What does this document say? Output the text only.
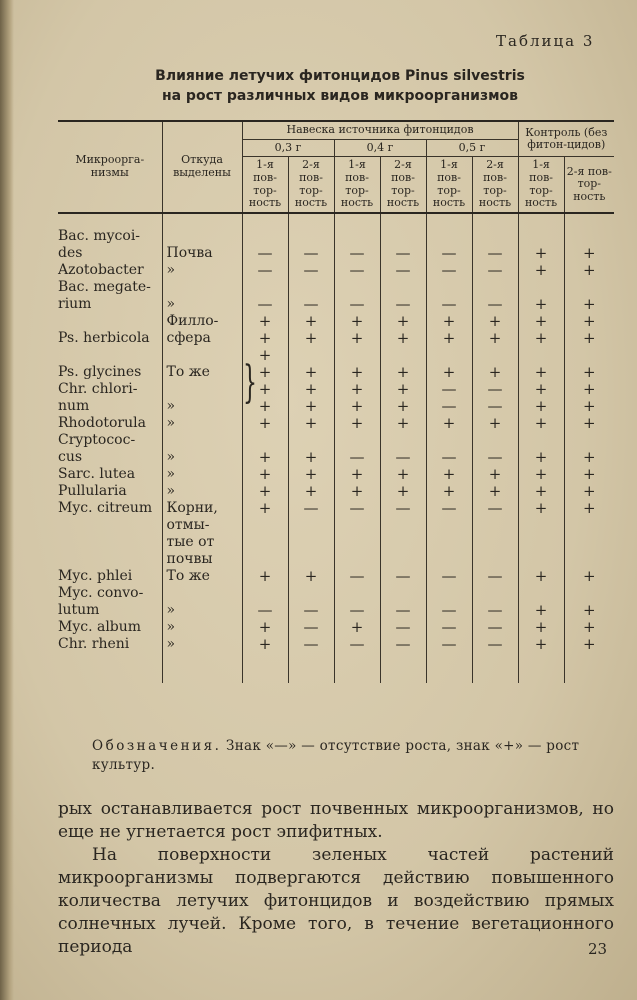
Таблица 3
Влияние летучих фитонцидов Pinus silvestris
на рост различных видов микроорганизмов
Микроорга-низмы	Откуда выделены	Навеска источника фитонцидов						Контроль (без фитон-цидов)	
		0,3 г		0,4 г		0,5 г			
		1-я пов-тор-ность	2-я пов-тор-ность	1-я пов-тор-ность	2-я пов-тор-ность	1-я пов-тор-ность	2-я пов-тор-ность	1-я пов-тор-ность	2-я пов-тор-ность

Bac. mycoi-									
des	Почва	—	—	—	—	—	—	+	+
Azotobacter	»	—	—	—	—	—	—	+	+
Bac. megate-									
rium	»	—	—	—	—	—	—	+	+
	Филло-	+	+	+	+	+	+	+	+
Ps. herbicola	сфера	+	+	+	+	+	+	+	+
		+							
Ps. glycines	То же	+	+	+	+	+	+	+	+
Chr. chlori-		+	+	+	+	—	—	+	+
num	»	+	+	+	+	—	—	+	+
Rhodotorula	»	+	+	+	+	+	+	+	+
Cryptococ-									
cus	»	+	+	—	—	—	—	+	+
Sarc. lutea	»	+	+	+	+	+	+	+	+
Pullularia	»	+	+	+	+	+	+	+	+
Myc. citreum	Корни,	+	—	—	—	—	—	+	+
	отмы-								
	тые от								
	почвы								
Myc. phlei	То же	+	+	—	—	—	—	+	+
Myc. convo-									
lutum	»	—	—	—	—	—	—	+	+
Myc. album	»	+	—	+	—	—	—	+	+
Chr. rheni	»	+	—	—	—	—	—	+	+

}
Обозначения. Знак «—» — отсутствие роста, знак «+» — рост культур.

рых останавливается рост почвенных микроорганизмов, но еще не угнетается рост эпифитных.

На поверхности зеленых частей растений микроорганизмы подвергаются действию повышенного количества летучих фитонцидов и воздействию прямых солнечных лучей. Кроме того, в течение вегетационного периода	23
